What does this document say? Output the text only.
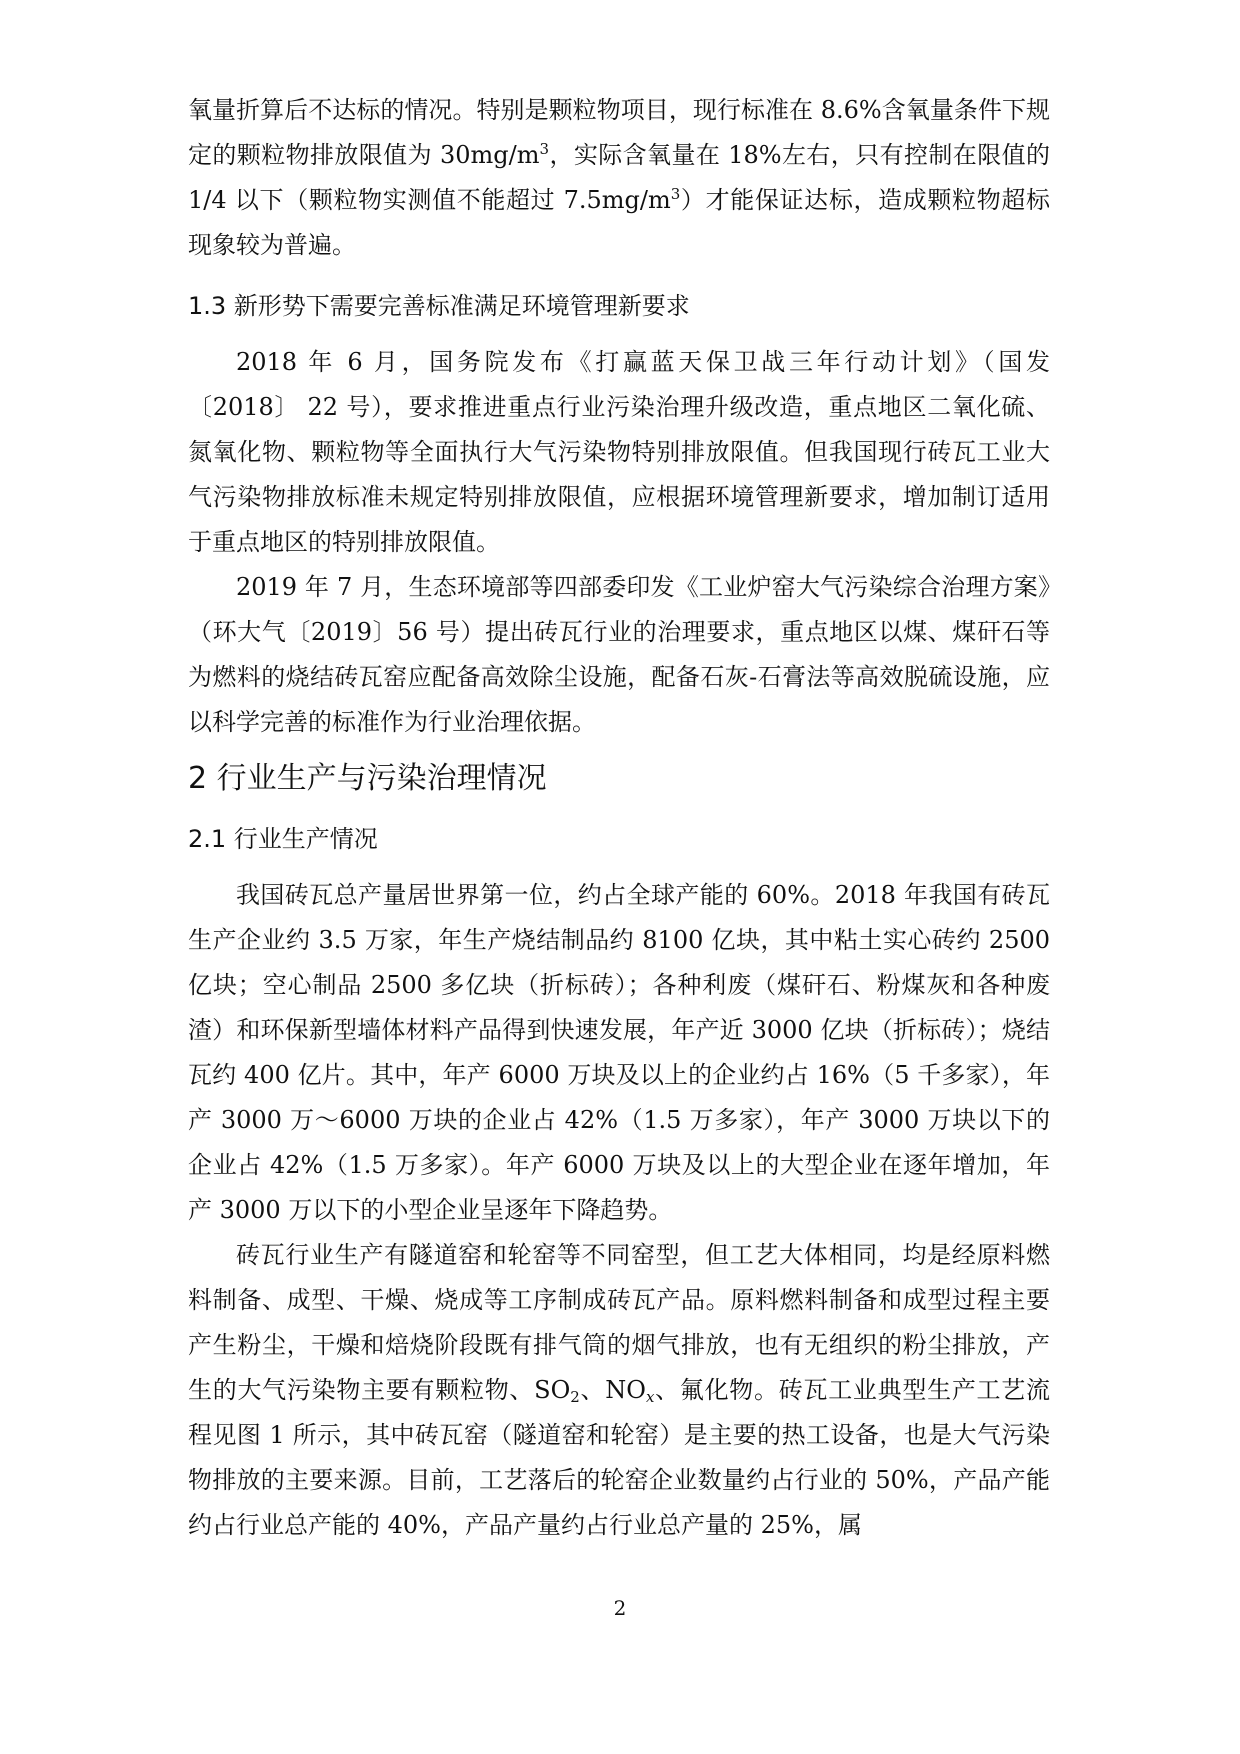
氧量折算后不达标的情况。特别是颗粒物项目，现行标准在 8.6%含氧量条件下规定的颗粒物排放限值为 $30mg/m^3$，实际含氧量在 18%左右，只有控制在限值的 1/4 以下（颗粒物实测值不能超过 $7.5mg/m^3$）才能保证达标，造成颗粒物超标现象较为普遍。

1.3 新形势下需要完善标准满足环境管理新要求

2018 年 6 月，国务院发布《打赢蓝天保卫战三年行动计划》（国发〔2018〕 22 号），要求推进重点行业污染治理升级改造，重点地区二氧化硫、氮氧化物、颗粒物等全面执行大气污染物特别排放限值。但我国现行砖瓦工业大气污染物排放标准未规定特别排放限值，应根据环境管理新要求，增加制订适用于重点地区的特别排放限值。

2019 年 7 月，生态环境部等四部委印发《工业炉窑大气污染综合治理方案》（环大气〔2019〕56 号）提出砖瓦行业的治理要求，重点地区以煤、煤矸石等为燃料的烧结砖瓦窑应配备高效除尘设施，配备石灰-石膏法等高效脱硫设施，应以科学完善的标准作为行业治理依据。

2 行业生产与污染治理情况
2.1 行业生产情况

我国砖瓦总产量居世界第一位，约占全球产能的 60%。2018 年我国有砖瓦生产企业约 3.5 万家，年生产烧结制品约 8100 亿块，其中粘土实心砖约 2500 亿块；空心制品 2500 多亿块（折标砖）；各种利废（煤矸石、粉煤灰和各种废渣）和环保新型墙体材料产品得到快速发展，年产近 3000 亿块（折标砖）；烧结瓦约 400 亿片。其中，年产 6000 万块及以上的企业约占 16%（5 千多家），年产 3000 万～6000 万块的企业占 42%（1.5 万多家），年产 3000 万块以下的企业占 42%（1.5 万多家）。年产 6000 万块及以上的大型企业在逐年增加，年产 3000 万以下的小型企业呈逐年下降趋势。

砖瓦行业生产有隧道窑和轮窑等不同窑型，但工艺大体相同，均是经原料燃料制备、成型、干燥、烧成等工序制成砖瓦产品。原料燃料制备和成型过程主要产生粉尘，干燥和焙烧阶段既有排气筒的烟气排放，也有无组织的粉尘排放，产生的大气污染物主要有颗粒物、$SO_2$、$NO_x$、氟化物。砖瓦工业典型生产工艺流程见图 1 所示，其中砖瓦窑（隧道窑和轮窑）是主要的热工设备，也是大气污染物排放的主要来源。目前，工艺落后的轮窑企业数量约占行业的 50%，产品产能约占行业总产能的 40%，产品产量约占行业总产量的 25%，属

2
